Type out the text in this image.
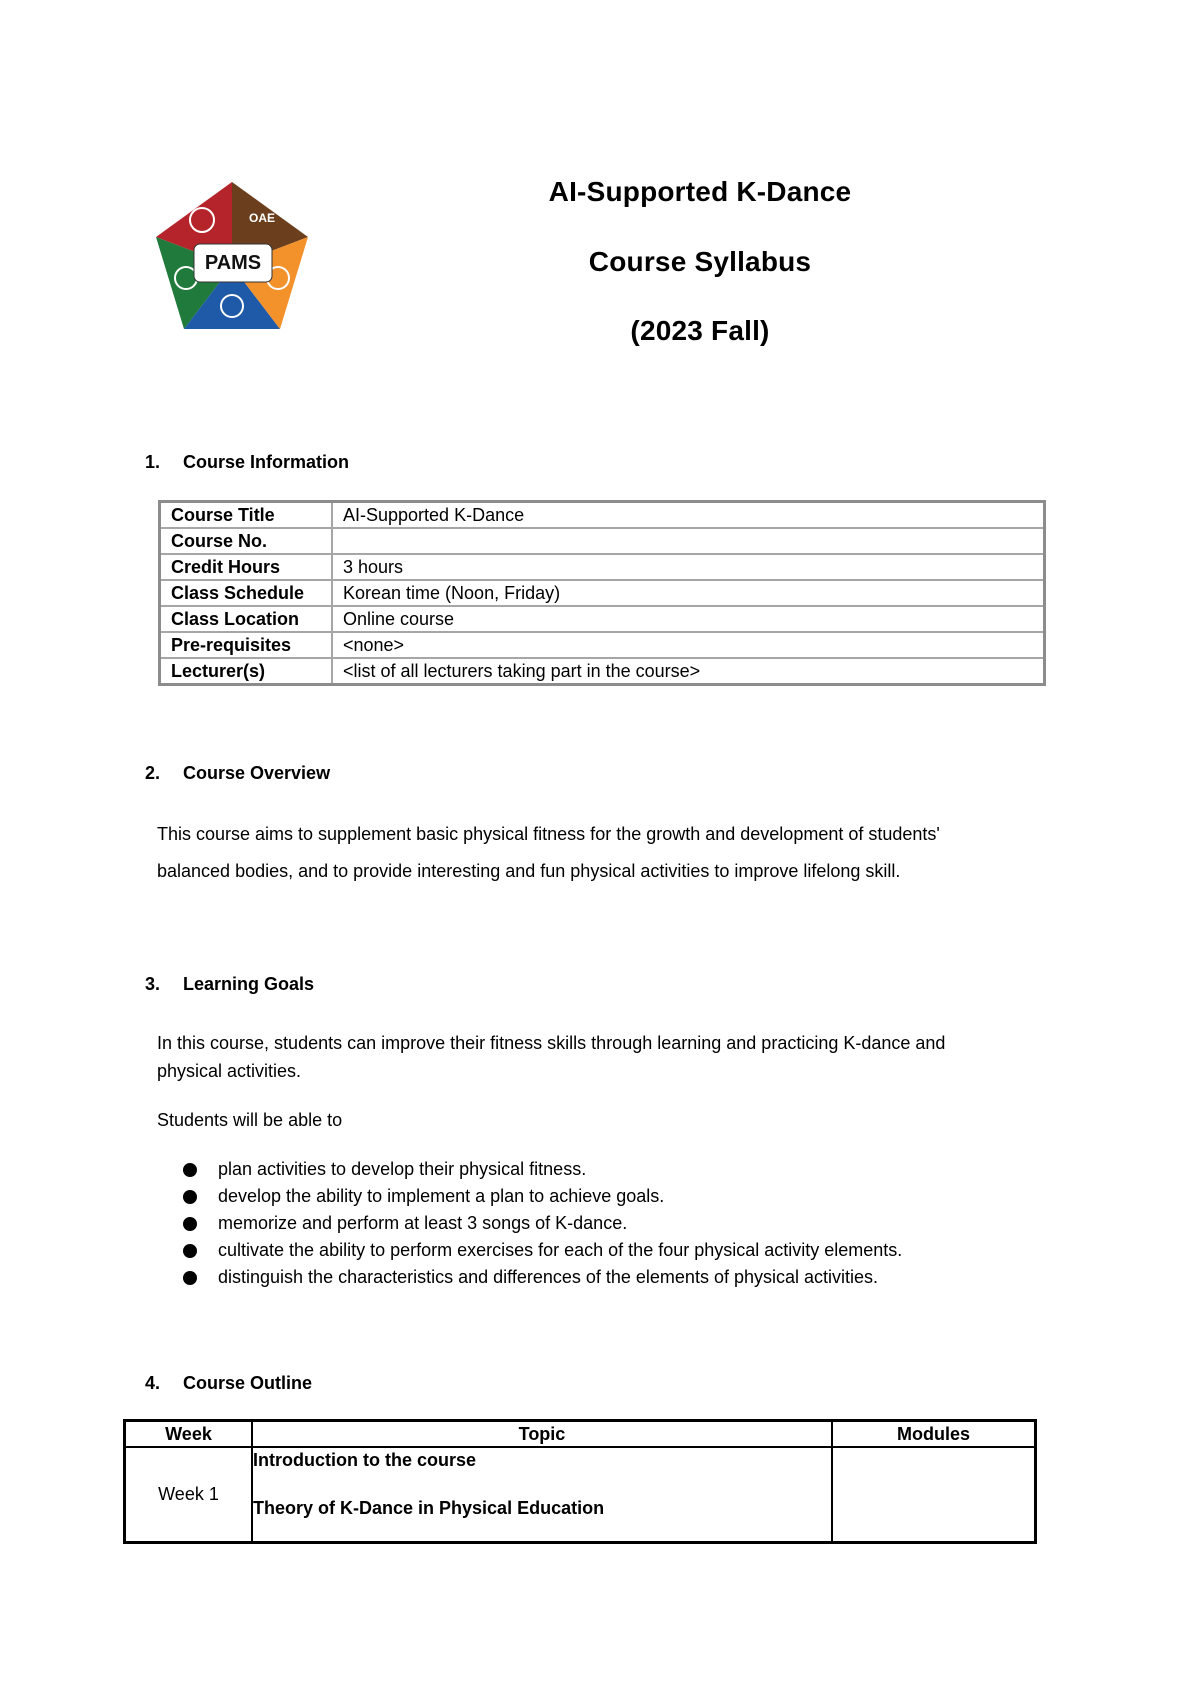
PAMS
OAE
AI-Supported K-Dance
Course Syllabus
(2023 Fall)
1. Course Information
Course Title	AI-Supported K-Dance
Course No.	
Credit Hours	3 hours
Class Schedule	Korean time (Noon, Friday)
Class Location	Online course
Pre-requisites	<none>
Lecturer(s)	<list of all lecturers taking part in the course>
2. Course Overview
This course aims to supplement basic physical fitness for the growth and development of students'
balanced bodies, and to provide interesting and fun physical activities to improve lifelong skill.
3. Learning Goals
In this course, students can improve their fitness skills through learning and practicing K-dance and
physical activities.
Students will be able to
plan activities to develop their physical fitness.
develop the ability to implement a plan to achieve goals.
memorize and perform at least 3 songs of K-dance.
cultivate the ability to perform exercises for each of the four physical activity elements.
distinguish the characteristics and differences of the elements of physical activities.
4. Course Outline
Week	Topic	Modules
Week 1	Introduction to the course
Theory of K-Dance in Physical Education	
